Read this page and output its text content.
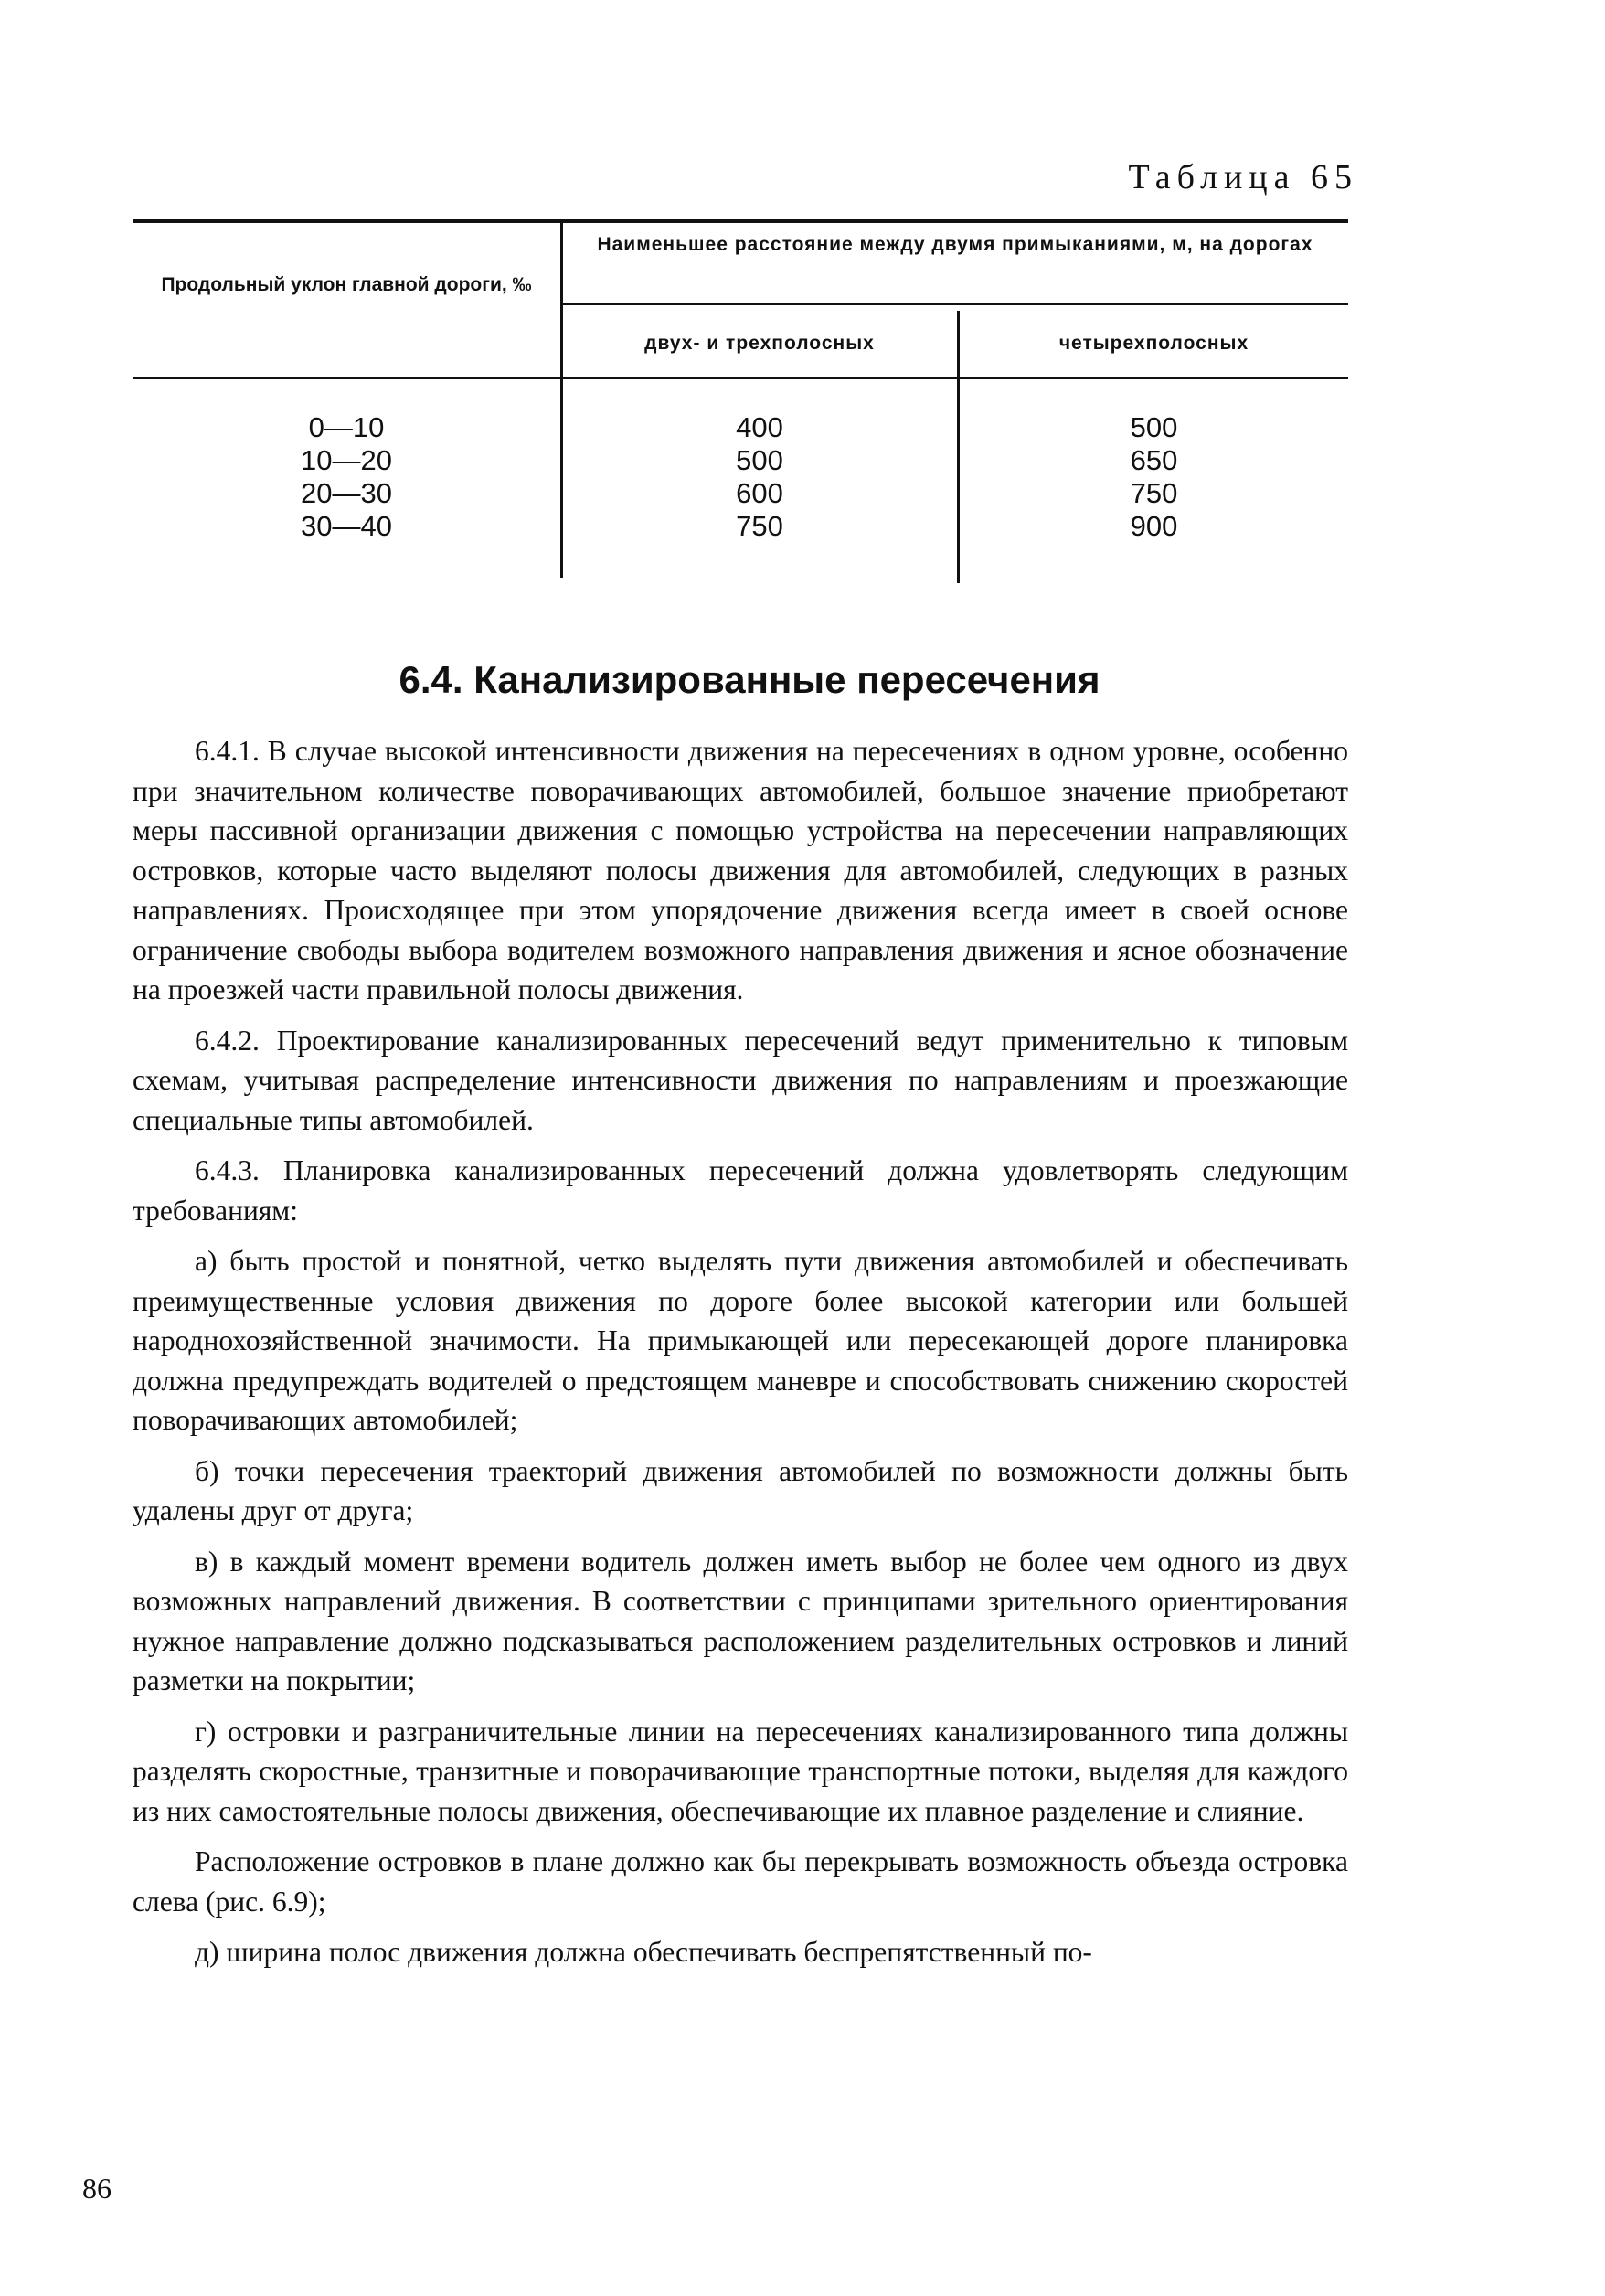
Таблица 65
Продольный уклон главной дороги, ‰
Наименьшее расстояние между двумя примыканиями, м, на дорогах
двух- и трехполосных	четырехполосных
0—10
10—20
20—30
30—40
400
500
600
750
500
650
750
900
6.4. Канализированные пересечения

6.4.1. В случае высокой интенсивности движения на пересечениях в одном уровне, особенно при значительном количестве поворачивающих автомобилей, большое значение приобретают меры пассивной организации движения с помощью устройства на пересечении направляющих островков, которые часто выделяют полосы движения для автомобилей, следующих в разных направлениях. Происходящее при этом упорядочение движения всегда имеет в своей основе ограничение свободы выбора водителем возможного направления движения и ясное обозначение на проезжей части правильной полосы движения.

6.4.2. Проектирование канализированных пересечений ведут применительно к типовым схемам, учитывая распределение интенсивности движения по направлениям и проезжающие специальные типы автомобилей.

6.4.3. Планировка канализированных пересечений должна удовлетворять следующим требованиям:

а) быть простой и понятной, четко выделять пути движения автомобилей и обеспечивать преимущественные условия движения по дороге более высокой категории или большей народнохозяйственной значимости. На примыкающей или пересекающей дороге планировка должна предупреждать водителей о предстоящем маневре и способствовать снижению скоростей поворачивающих автомобилей;

б) точки пересечения траекторий движения автомобилей по возможности должны быть удалены друг от друга;

в) в каждый момент времени водитель должен иметь выбор не более чем одного из двух возможных направлений движения. В соответствии с принципами зрительного ориентирования нужное направление должно подсказываться расположением разделительных островков и линий разметки на покрытии;

г) островки и разграничительные линии на пересечениях канализированного типа должны разделять скоростные, транзитные и поворачивающие транспортные потоки, выделяя для каждого из них самостоятельные полосы движения, обеспечивающие их плавное разделение и слияние.

Расположение островков в плане должно как бы перекрывать возможность объезда островка слева (рис. 6.9);

д) ширина полос движения должна обеспечивать беспрепятственный по-

86
